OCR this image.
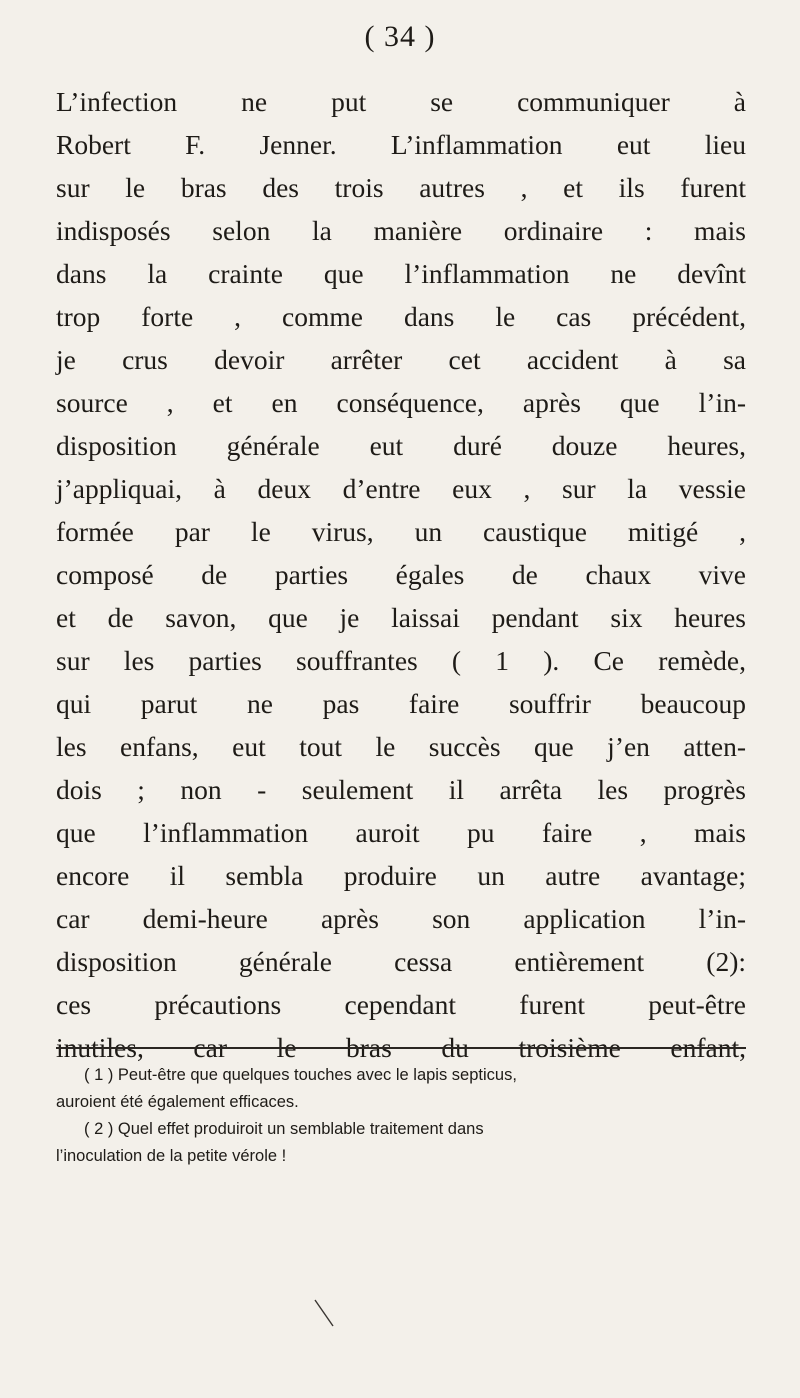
( 34 )
L’infection ne put se communiquer à
Robert F. Jenner. L’inflammation eut lieu
sur le bras des trois autres , et ils furent
indisposés selon la manière ordinaire : mais
dans la crainte que l’inflammation ne devînt
trop forte , comme dans le cas précédent,
je crus devoir arrêter cet accident à sa
source , et en conséquence, après que l’in-
disposition générale eut duré douze heures,
j’appliquai, à deux d’entre eux , sur la vessie
formée par le virus, un caustique mitigé ,
composé de parties égales de chaux vive
et de savon, que je laissai pendant six heures
sur les parties souffrantes ( 1 ). Ce remède,
qui parut ne pas faire souffrir beaucoup
les enfans, eut tout le succès que j’en atten-
dois ; non - seulement il arrêta les progrès
que l’inflammation auroit pu faire , mais
encore il sembla produire un autre avantage;
car demi-heure après son application l’in-
disposition générale cessa entièrement (2):
ces précautions cependant furent peut-être
inutiles, car le bras du troisième enfant,
( 1 ) Peut-être que quelques touches avec le lapis septicus,
auroient été également efficaces.
( 2 ) Quel effet produiroit un semblable traitement dans
l’inoculation de la petite vérole !
